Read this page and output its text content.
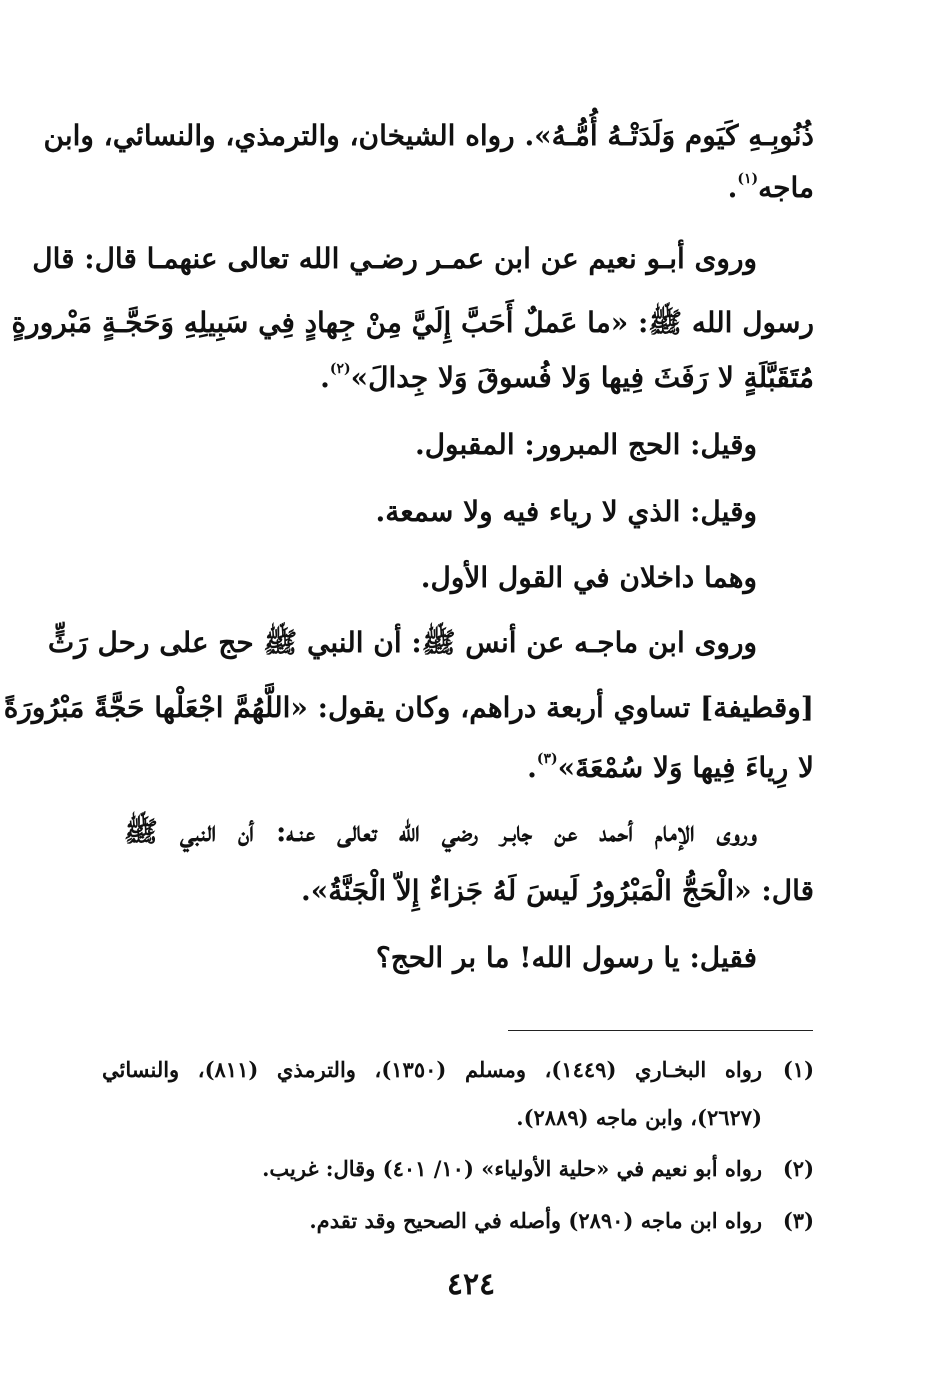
ذُنُوبِـهِ كَيَوم وَلَدَتْـهُ أُمُّـهُ». رواه الشيخان، والترمذي، والنسائي، وابن
ماجه$^{(١)}$.
وروى أبـو نعيم عن ابن عمـر رضـي الله تعالى عنهمـا قال: قال
رسول الله ﷺ: «ما عَملٌ أَحَبَّ إِلَيَّ مِنْ جِهادٍ فِي سَبِيلِهِ وَحَجَّـةٍ مَبْرورةٍ
مُتَقَبَّلَةٍ لا رَفَثَ فِيها وَلا فُسوقَ وَلا جِدالَ»$^{(٢)}$.
وقيل: الحج المبرور: المقبول.
وقيل: الذي لا رياء فيه ولا سمعة.
وهما داخلان في القول الأول.
وروى ابن ماجـه عن أنس ﷺ: أن النبي ﷺ حج على رحل رَثٍّ
[وقطيفة] تساوي أربعة دراهم، وكان يقول: «اللَّهُمَّ اجْعَلْها حَجَّةً مَبْرُورَةً
لا رِياءَ فِيها وَلا سُمْعَةَ»$^{(٣)}$.
وروى الإمام أحمد عن جابـر رضي الله تعالى عنـه: أن النبي ﷺ
قال: «الْحَجُّ الْمَبْرُورُ لَيسَ لَهُ جَزاءٌ إِلاّ الْجَنَّةُ».
فقيل: يا رسول الله! ما بر الحج؟
(١)رواه البخـاري (١٤٤٩)، ومسلم (١٣٥٠)، والترمذي (٨١١)، والنسائي
(٢٦٢٧)، وابن ماجه (٢٨٨٩).
(٢)رواه أبو نعيم في «حلية الأولياء» (١٠/ ٤٠١) وقال: غريب.
(٣)رواه ابن ماجه (٢٨٩٠) وأصله في الصحيح وقد تقدم.
٤٢٤
